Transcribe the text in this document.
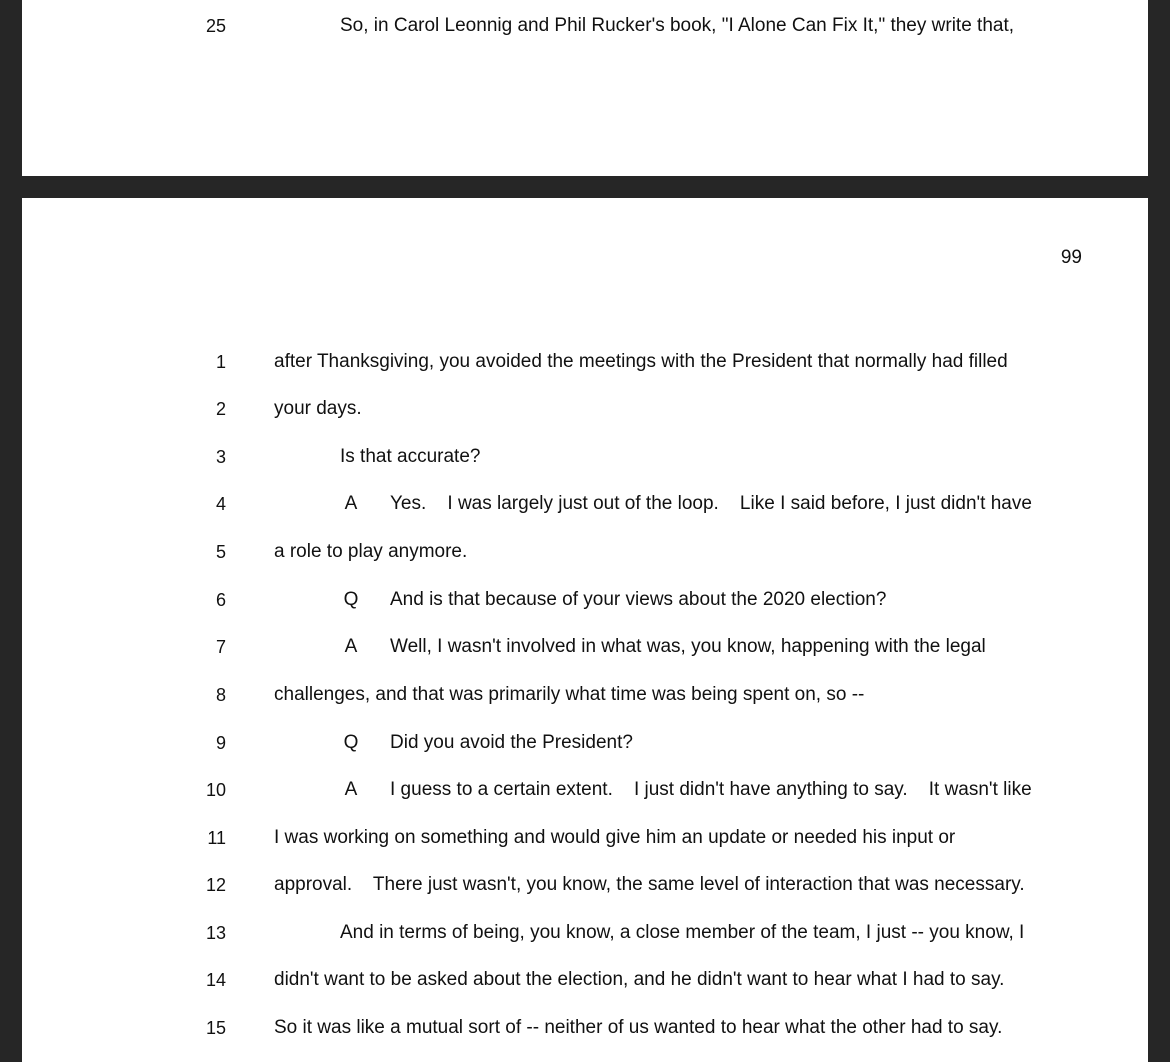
25	So, in Carol Leonnig and Phil Rucker's book, "I Alone Can Fix It," they write that,
99
1	after Thanksgiving, you avoided the meetings with the President that normally had filled
2	your days.
3	Is that accurate?
4	A Yes.    I was largely just out of the loop.    Like I said before, I just didn't have
5	a role to play anymore.
6	Q And is that because of your views about the 2020 election?
7	A Well, I wasn't involved in what was, you know, happening with the legal
8	challenges, and that was primarily what time was being spent on, so --
9	Q Did you avoid the President?
10	A I guess to a certain extent.    I just didn't have anything to say.    It wasn't like
11	I was working on something and would give him an update or needed his input or
12	approval.    There just wasn't, you know, the same level of interaction that was necessary.
13	And in terms of being, you know, a close member of the team, I just -- you know, I
14	didn't want to be asked about the election, and he didn't want to hear what I had to say.
15	So it was like a mutual sort of -- neither of us wanted to hear what the other had to say.
